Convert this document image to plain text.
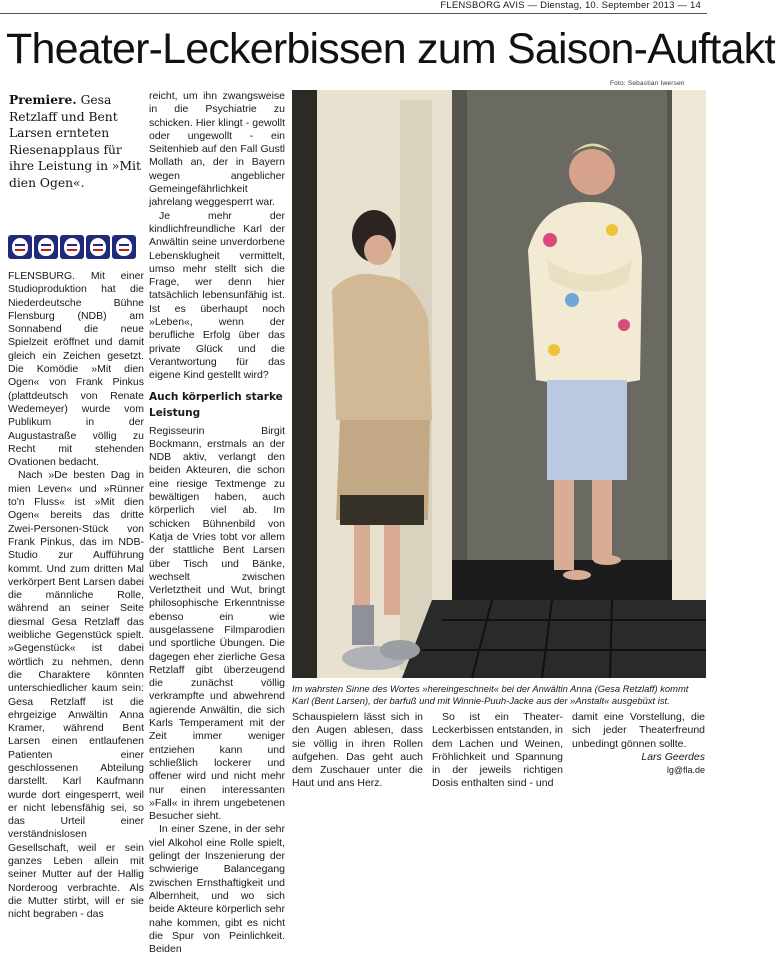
FLENSBORG AVIS — Dienstag, 10. September 2013 — 14
Theater-Leckerbissen zum Saison-Auftakt
Foto: Sebastian Iwersen
Premiere. Gesa Retzlaff und Bent Larsen ernteten Riesenapplaus für ihre Leistung in »Mit dien Ogen«.

FLENSBURG. Mit einer Studioproduktion hat die Niederdeutsche Bühne Flensburg (NDB) am Sonnabend die neue Spielzeit eröffnet und damit gleich ein Zeichen gesetzt. Die Komödie »Mit dien Ogen« von Frank Pinkus (plattdeutsch von Renate Wedemeyer) wurde vom Publikum in der Augustastraße völlig zu Recht mit stehenden Ovationen bedacht.

Nach »De besten Dag in mien Leven« und »Rünner to'n Fluss« ist »Mit dien Ogen« bereits das dritte Zwei-Personen-Stück von Frank Pinkus, das im NDB-Studio zur Aufführung kommt. Und zum dritten Mal verkörpert Bent Larsen dabei die männliche Rolle, während an seiner Seite diesmal Gesa Retzlaff das weibliche Gegenstück spielt. »Gegenstück« ist dabei wörtlich zu nehmen, denn die Charaktere könnten unterschiedlicher kaum sein: Gesa Retzlaff ist die ehrgeizige Anwältin Anna Kramer, während Bent Larsen einen entlaufenen Patienten einer geschlossenen Abteilung darstellt. Karl Kaufmann wurde dort eingesperrt, weil er nicht lebensfähig sei, so das Urteil einer verständnislosen Gesellschaft, weil er sein ganzes Leben allein mit seiner Mutter auf der Hallig Norderoog verbrachte. Als die Mutter stirbt, will er sie nicht begraben - das

reicht, um ihn zwangsweise in die Psychiatrie zu schicken. Hier klingt - gewollt oder ungewollt - ein Seitenhieb auf den Fall Gustl Mollath an, der in Bayern wegen angeblicher Gemeingefährlichkeit jahrelang weggesperrt war.

Je mehr der kindlichfreundliche Karl der Anwältin seine unverdorbene Lebensklugheit vermittelt, umso mehr stellt sich die Frage, wer denn hier tatsächlich lebensunfähig ist. Ist es überhaupt noch »Leben«, wenn der berufliche Erfolg über das private Glück und die Verantwortung für das eigene Kind gestellt wird?

Auch körperlich starke Leistung

Regisseurin Birgit Bockmann, erstmals an der NDB aktiv, verlangt den beiden Akteuren, die schon eine riesige Textmenge zu bewältigen haben, auch körperlich viel ab. Im schicken Bühnenbild von Katja de Vries tobt vor allem der stattliche Bent Larsen über Tisch und Bänke, wechselt zwischen Verletztheit und Wut, bringt philosophische Erkenntnisse ebenso ein wie ausgelassene Filmparodien und sportliche Übungen. Die dagegen eher zierliche Gesa Retzlaff gibt überzeugend die zunächst völlig verkrampfte und abwehrend agierende Anwältin, die sich Karls Temperament mit der Zeit immer weniger entziehen kann und schließlich lockerer und offener wird und nicht mehr nur einen interessanten »Fall« in ihrem ungebetenen Besucher sieht.

In einer Szene, in der sehr viel Alkohol eine Rolle spielt, gelingt der Inszenierung der schwierige Balancegang zwischen Ernsthaftigkeit und Albernheit, und wo sich beide Akteure körperlich sehr nahe kommen, gibt es nicht die Spur von Peinlichkeit. Beiden

Im wahrsten Sinne des Wortes »hereingeschneit« bei der Anwältin Anna (Gesa Retzlaff) kommt Karl (Bent Larsen), der barfuß und mit Winnie-Puuh-Jacke aus der »Anstalt« ausgebüxt ist.

Schauspielern lässt sich in den Augen ablesen, dass sie völlig in ihren Rollen aufgehen. Das geht auch dem Zuschauer unter die Haut und ans Herz.

So ist ein Theater-Leckerbissen entstanden, in dem Lachen und Weinen, Fröhlichkeit und Spannung in der jeweils richtigen Dosis enthalten sind - und

damit eine Vorstellung, die sich jeder Theaterfreund unbedingt gönnen sollte.

Lars Geerdes
lg@fla.de
